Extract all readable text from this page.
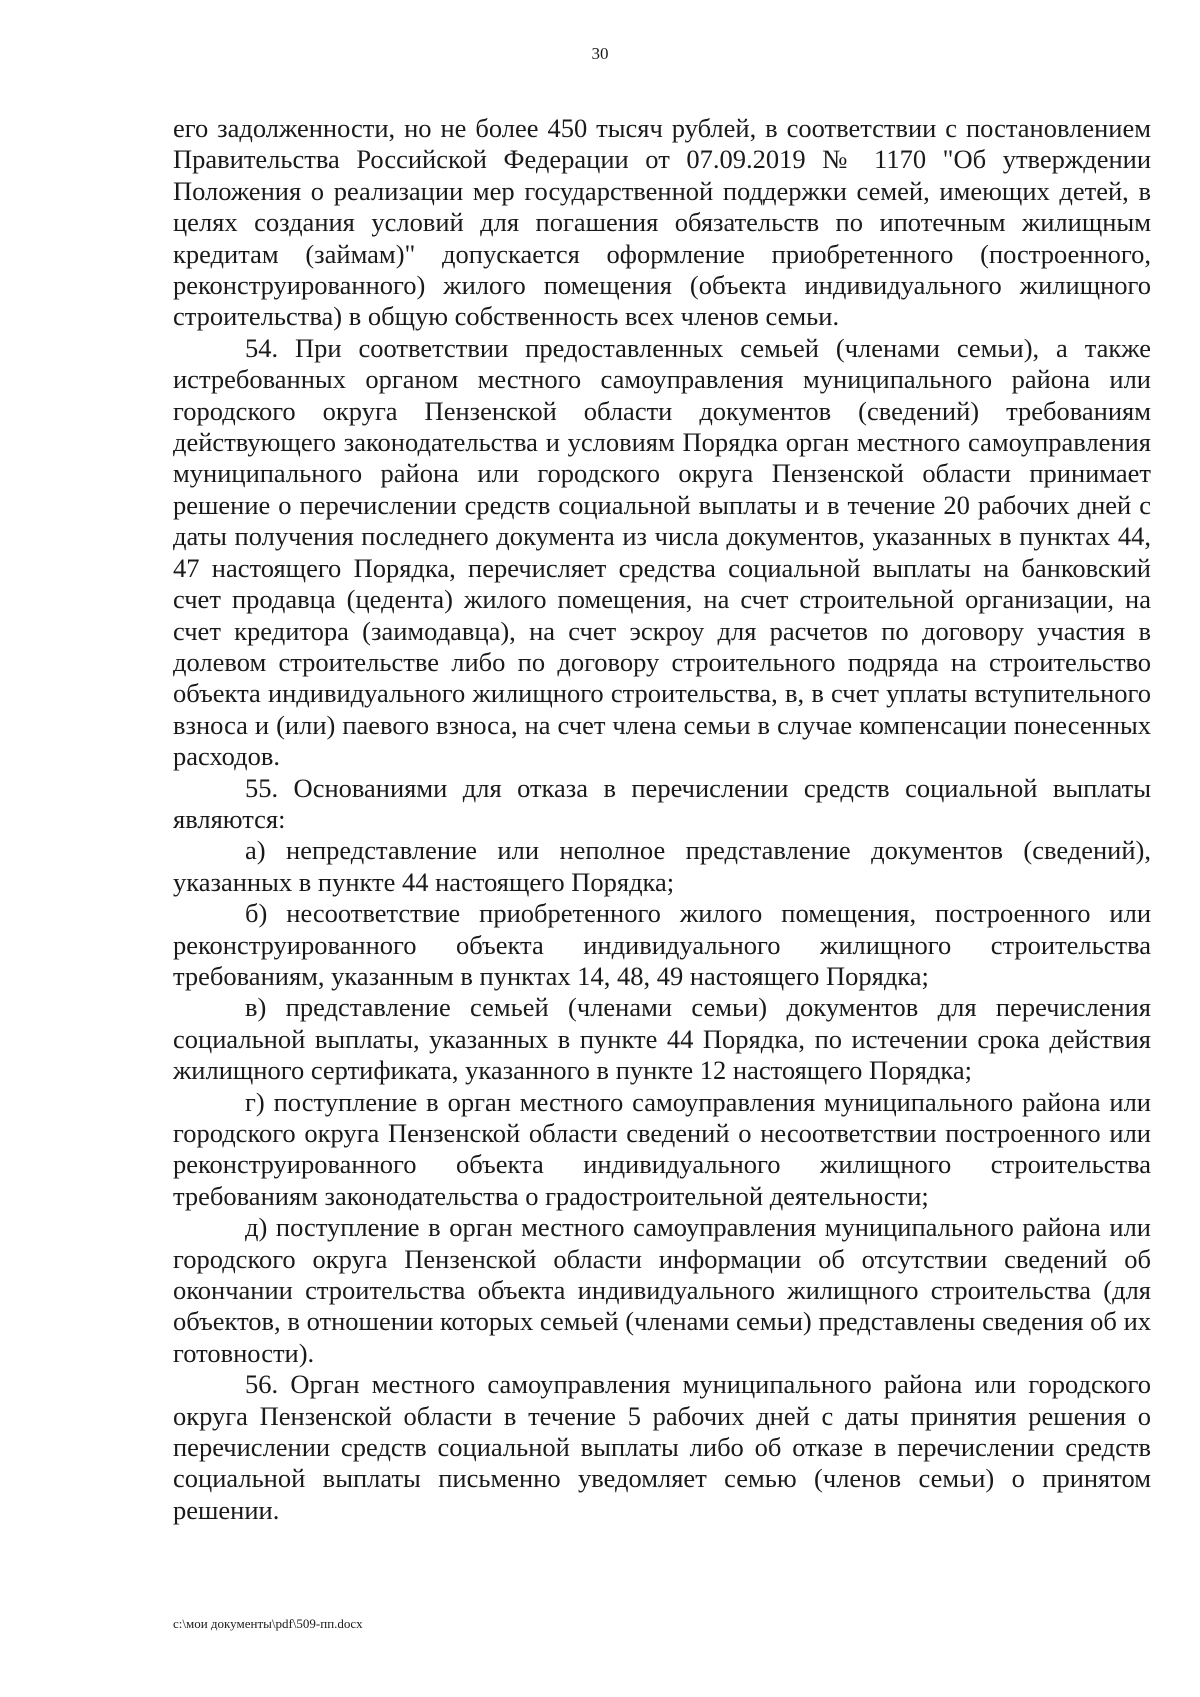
30

его задолженности, но не более 450 тысяч рублей, в соответствии с постановлением Правительства Российской Федерации от 07.09.2019 № 1170 "Об утверждении Положения о реализации мер государственной поддержки семей, имеющих детей, в целях создания условий для погашения обязательств по ипотечным жилищным кредитам (займам)" допускается оформление приобретенного (построенного, реконструированного) жилого помещения (объекта индивидуального жилищного строительства) в общую собственность всех членов семьи.

54. При соответствии предоставленных семьей (членами семьи), а также истребованных органом местного самоуправления муниципального района или городского округа Пензенской области документов (сведений) требованиям действующего законодательства и условиям Порядка орган местного самоуправления муниципального района или городского округа Пензенской области принимает решение о перечислении средств социальной выплаты и в течение 20 рабочих дней с даты получения последнего документа из числа документов, указанных в пунктах 44, 47 настоящего Порядка, перечисляет средства социальной выплаты на банковский счет продавца (цедента) жилого помещения, на счет строительной организации, на счет кредитора (заимодавца), на счет эскроу для расчетов по договору участия в долевом строительстве либо по договору строительного подряда на строительство объекта индивидуального жилищного строительства, в, в счет уплаты вступительного взноса и (или) паевого взноса, на счет члена семьи в случае компенсации понесенных расходов.

55. Основаниями для отказа в перечислении средств социальной выплаты являются:

а) непредставление или неполное представление документов (сведений), указанных в пункте 44 настоящего Порядка;

б) несоответствие приобретенного жилого помещения, построенного или реконструированного объекта индивидуального жилищного строительства требованиям, указанным в пунктах 14, 48, 49 настоящего Порядка;

в) представление семьей (членами семьи) документов для перечисления социальной выплаты, указанных в пункте 44 Порядка, по истечении срока действия жилищного сертификата, указанного в пункте 12 настоящего Порядка;

г) поступление в орган местного самоуправления муниципального района или городского округа Пензенской области сведений о несоответствии построенного или реконструированного объекта индивидуального жилищного строительства требованиям законодательства о градостроительной деятельности;

д) поступление в орган местного самоуправления муниципального района или городского округа Пензенской области информации об отсутствии сведений об окончании строительства объекта индивидуального жилищного строительства (для объектов, в отношении которых семьей (членами семьи) представлены сведения об их готовности).

56. Орган местного самоуправления муниципального района или городского округа Пензенской области в течение 5 рабочих дней с даты принятия решения о перечислении средств социальной выплаты либо об отказе в перечислении средств социальной выплаты письменно уведомляет семью (членов семьи) о принятом решении.

c:\мои документы\pdf\509-пп.docx
